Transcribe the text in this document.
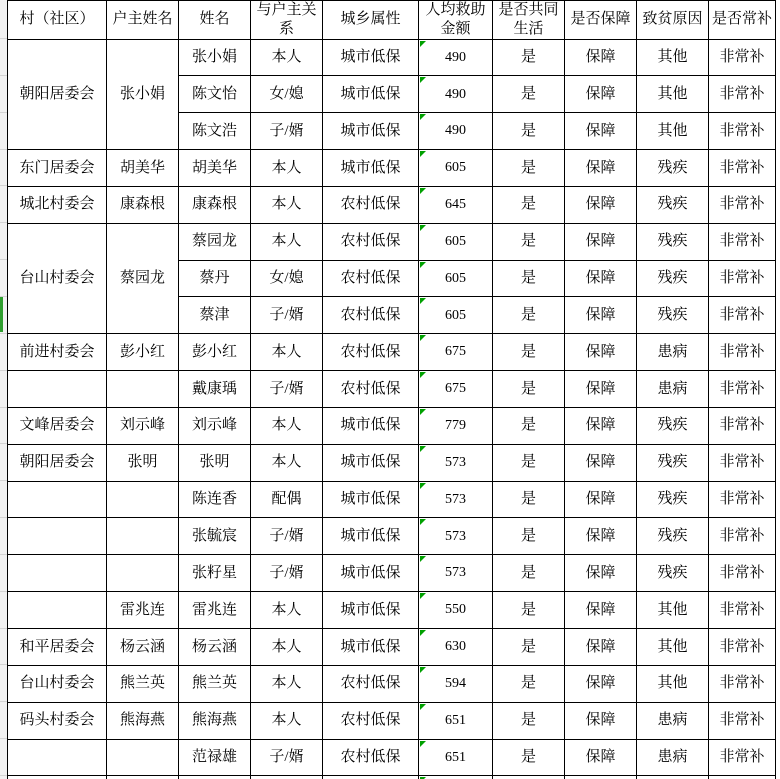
村（社区）	户主姓名	姓名	与户主关系	城乡属性	人均救助金额	是否共同生活	是否保障	致贫原因	是否常补
朝阳居委会	张小娟	张小娟	本人	城市低保	490	是	保障	其他	非常补
		陈文怡	女/媳	城市低保	490	是	保障	其他	非常补
		陈文浩	子/婿	城市低保	490	是	保障	其他	非常补
东门居委会	胡美华	胡美华	本人	城市低保	605	是	保障	残疾	非常补
城北村委会	康森根	康森根	本人	农村低保	645	是	保障	残疾	非常补
台山村委会	蔡园龙	蔡园龙	本人	农村低保	605	是	保障	残疾	非常补
		蔡丹	女/媳	农村低保	605	是	保障	残疾	非常补
		蔡津	子/婿	农村低保	605	是	保障	残疾	非常补
前进村委会	彭小红	彭小红	本人	农村低保	675	是	保障	患病	非常补
		戴康瑀	子/婿	农村低保	675	是	保障	患病	非常补
文峰居委会	刘示峰	刘示峰	本人	城市低保	779	是	保障	残疾	非常补
朝阳居委会	张明	张明	本人	城市低保	573	是	保障	残疾	非常补
		陈连香	配偶	城市低保	573	是	保障	残疾	非常补
		张毓宸	子/婿	城市低保	573	是	保障	残疾	非常补
		张籽星	子/婿	城市低保	573	是	保障	残疾	非常补
	雷兆连	雷兆连	本人	城市低保	550	是	保障	其他	非常补
和平居委会	杨云涵	杨云涵	本人	城市低保	630	是	保障	其他	非常补
台山村委会	熊兰英	熊兰英	本人	农村低保	594	是	保障	其他	非常补
码头村委会	熊海燕	熊海燕	本人	农村低保	651	是	保障	患病	非常补
		范禄雄	子/婿	农村低保	651	是	保障	患病	非常补
